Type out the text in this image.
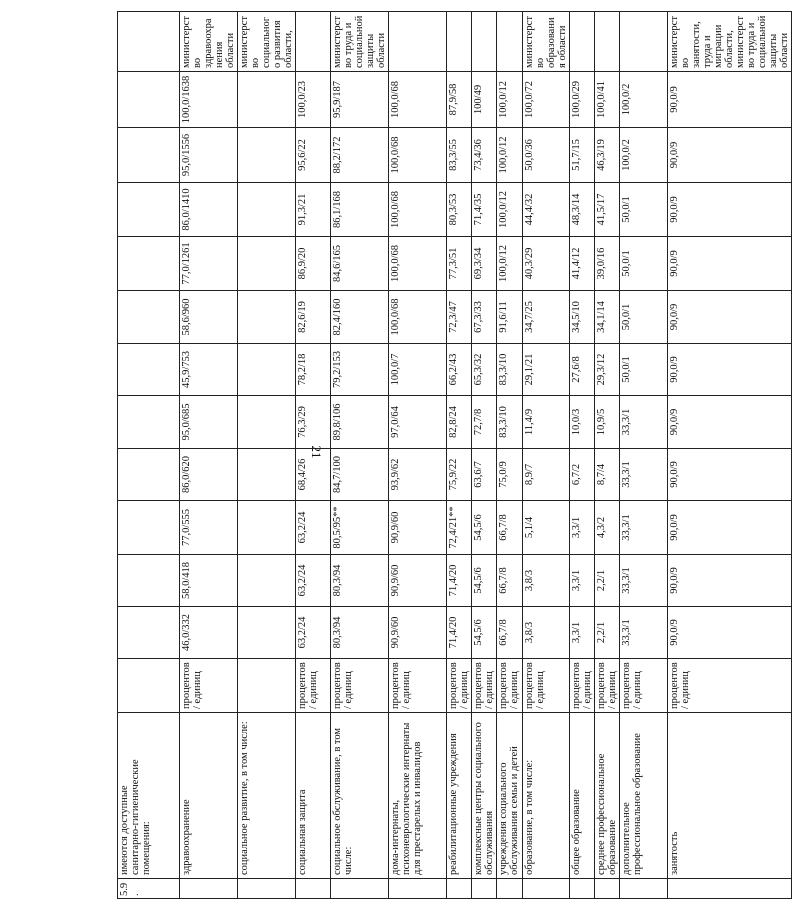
21
5.9.	имеются доступные санитарно-гигиенические помещения:														

	здравоохранение	процентов/ единиц	46,0/332	58,0/418	77,0/555	86,0/620	95,0/685	45,9/753	58,6/960	77,0/1261	86,0/1410	95,0/1556	100,0/1638	министерство здравоохранения области	
	социальное развитие, в том числе:													министерство социального развития области,	
	социальная защита	процентов/ единиц	63,2/24	63,2/24	63,2/24	68,4/26	76,3/29	78,2/18	82,6/19	86,9/20	91,3/21	95,6/22	100,0/23		
	социальное обслуживание, в том числе:	процентов/ единиц	80,3/94	80,3/94	80,5/95**	84,7/100	89,8/106	79,2/153	82,4/160	84,6/165	86,1/168	88,2/172	95,9/187	министерство труда и социальной защиты области	
	дома-интернаты, психоневрологические интернаты для престарелых и инвалидов	процентов/ единиц	90,9/60	90,9/60	90,9/60	93,9/62	97,0/64	100,0/7	100,0/68	100,0/68	100,0/68	100,0/68	100,0/68		
	реабилитационные учреждения	процентов/ единиц	71,4/20	71,4/20	72,4/21**	75,9/22	82,8/24	66,2/43	72,3/47	77,3/51	80,3/53	83,3/55	87,9/58		
	комплексные центры социального обслуживания	процентов/ единиц	54,5/6	54,5/6	54,5/6	63,6/7	72,7/8	65,3/32	67,3/33	69,3/34	71,4/35	73,4/36	100/49		
	учреждения социального обслуживания семьи и детей	процентов/ единиц	66,7/8	66,7/8	66,7/8	75,0/9	83,3/10	83,3/10	91,6/11	100,0/12	100,0/12	100,0/12	100,0/12		
	образование, в том числе:	процентов/ единиц	3,8/3	3,8/3	5,1/4	8,9/7	11,4/9	29,1/21	34,7/25	40,3/29	44,4/32	50,0/36	100,0/72	министерство образования области	
	общее образование	процентов/ единиц	3,3/1	3,3/1	3,3/1	6,7/2	10,0/3	27,6/8	34,5/10	41,4/12	48,3/14	51,7/15	100,0/29		
	среднее профессиональное образование	процентов/ единиц	2,2/1	2,2/1	4,3/2	8,7/4	10,9/5	29,3/12	34,1/14	39,0/16	41,5/17	46,3/19	100,0/41		
	дополнительное профессиональное образование	процентов/ единиц	33,3/1	33,3/1	33,3/1	33,3/1	33,3/1	50,0/1	50,0/1	50,0/1	50,0/1	100,0/2	100,0/2		
	занятость	процентов/ единиц	90,0/9	90,0/9	90,0/9	90,0/9	90,0/9	90,0/9	90,0/9	90,0/9	90,0/9	90,0/9	90,0/9	министерство занятости, труда и миграции области, министерство труда и социальной защиты области	
